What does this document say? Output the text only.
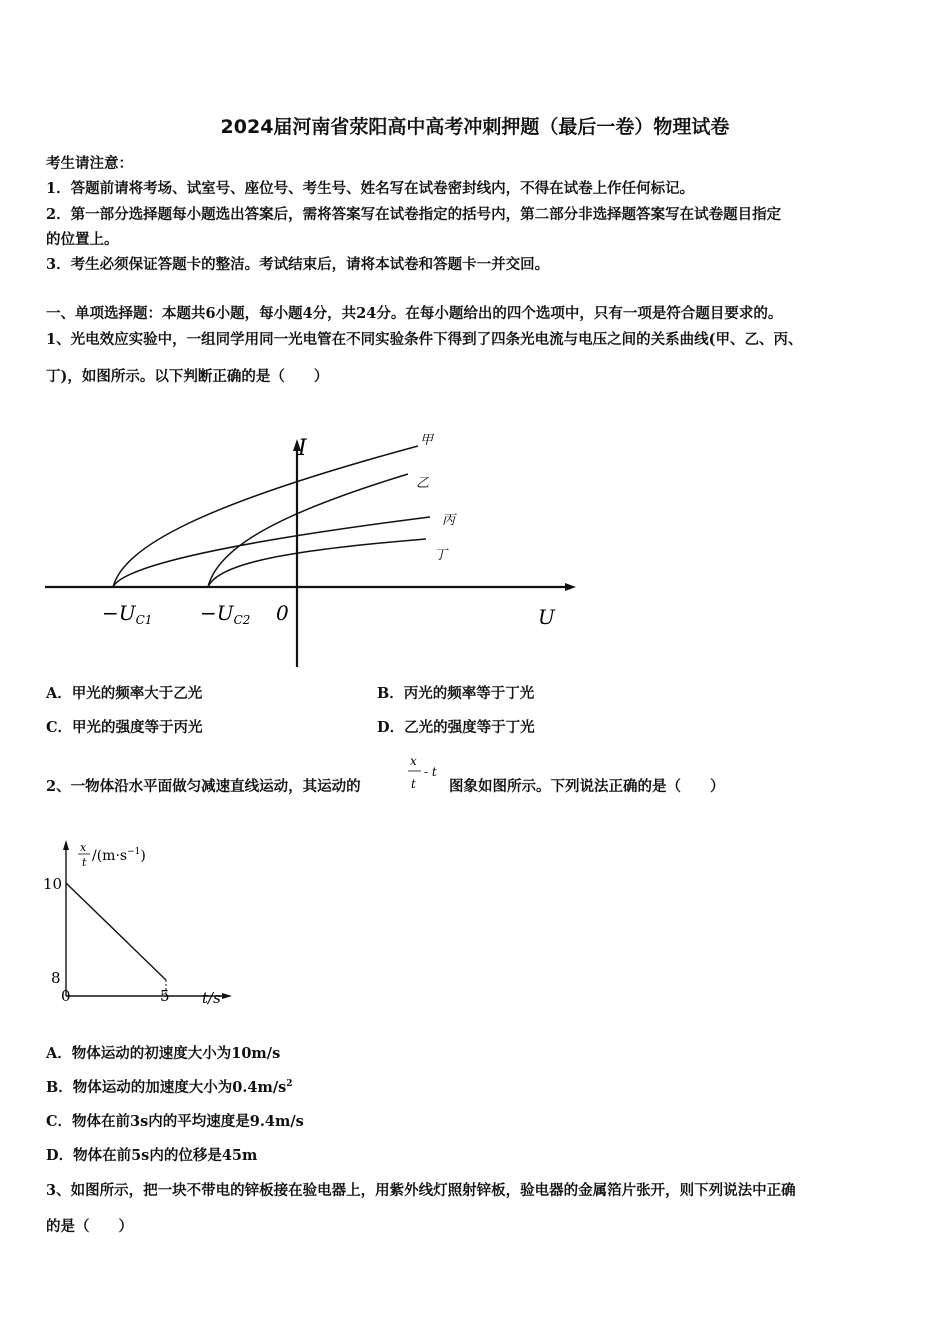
2024届河南省荥阳高中高考冲刺押题（最后一卷）物理试卷
考生请注意：
1．答题前请将考场、试室号、座位号、考生号、姓名写在试卷密封线内，不得在试卷上作任何标记。
2．第一部分选择题每小题选出答案后，需将答案写在试卷指定的括号内，第二部分非选择题答案写在试卷题目指定
的位置上。
3．考生必须保证答题卡的整洁。考试结束后，请将本试卷和答题卡一并交回。
一、单项选择题：本题共6小题，每小题4分，共24分。在每小题给出的四个选项中，只有一项是符合题目要求的。
1、光电效应实验中，一组同学用同一光电管在不同实验条件下得到了四条光电流与电压之间的关系曲线(甲、乙、丙、
丁)，如图所示。以下判断正确的是（　　）
I
U
0
$-U_{C1} -U_{C2}$
甲
乙
丙
丁
A．甲光的频率大于乙光	B．丙光的频率等于丁光
C．甲光的强度等于丙光	D．乙光的强度等于丁光
2、一物体沿水平面做匀减速直线运动，其运动的
x
t
- t
图象如图所示。下列说法正确的是（　　）
x
t $/(m\cdot s^{-1})$
10
8
0	5 t/s
A．物体运动的初速度大小为10m/s
B．物体运动的加速度大小为$0.4m/s^2$
C．物体在前3s内的平均速度是9.4m/s
D．物体在前5s内的位移是45m
3、如图所示，把一块不带电的锌板接在验电器上，用紫外线灯照射锌板，验电器的金属箔片张开，则下列说法中正确
的是（　　）
